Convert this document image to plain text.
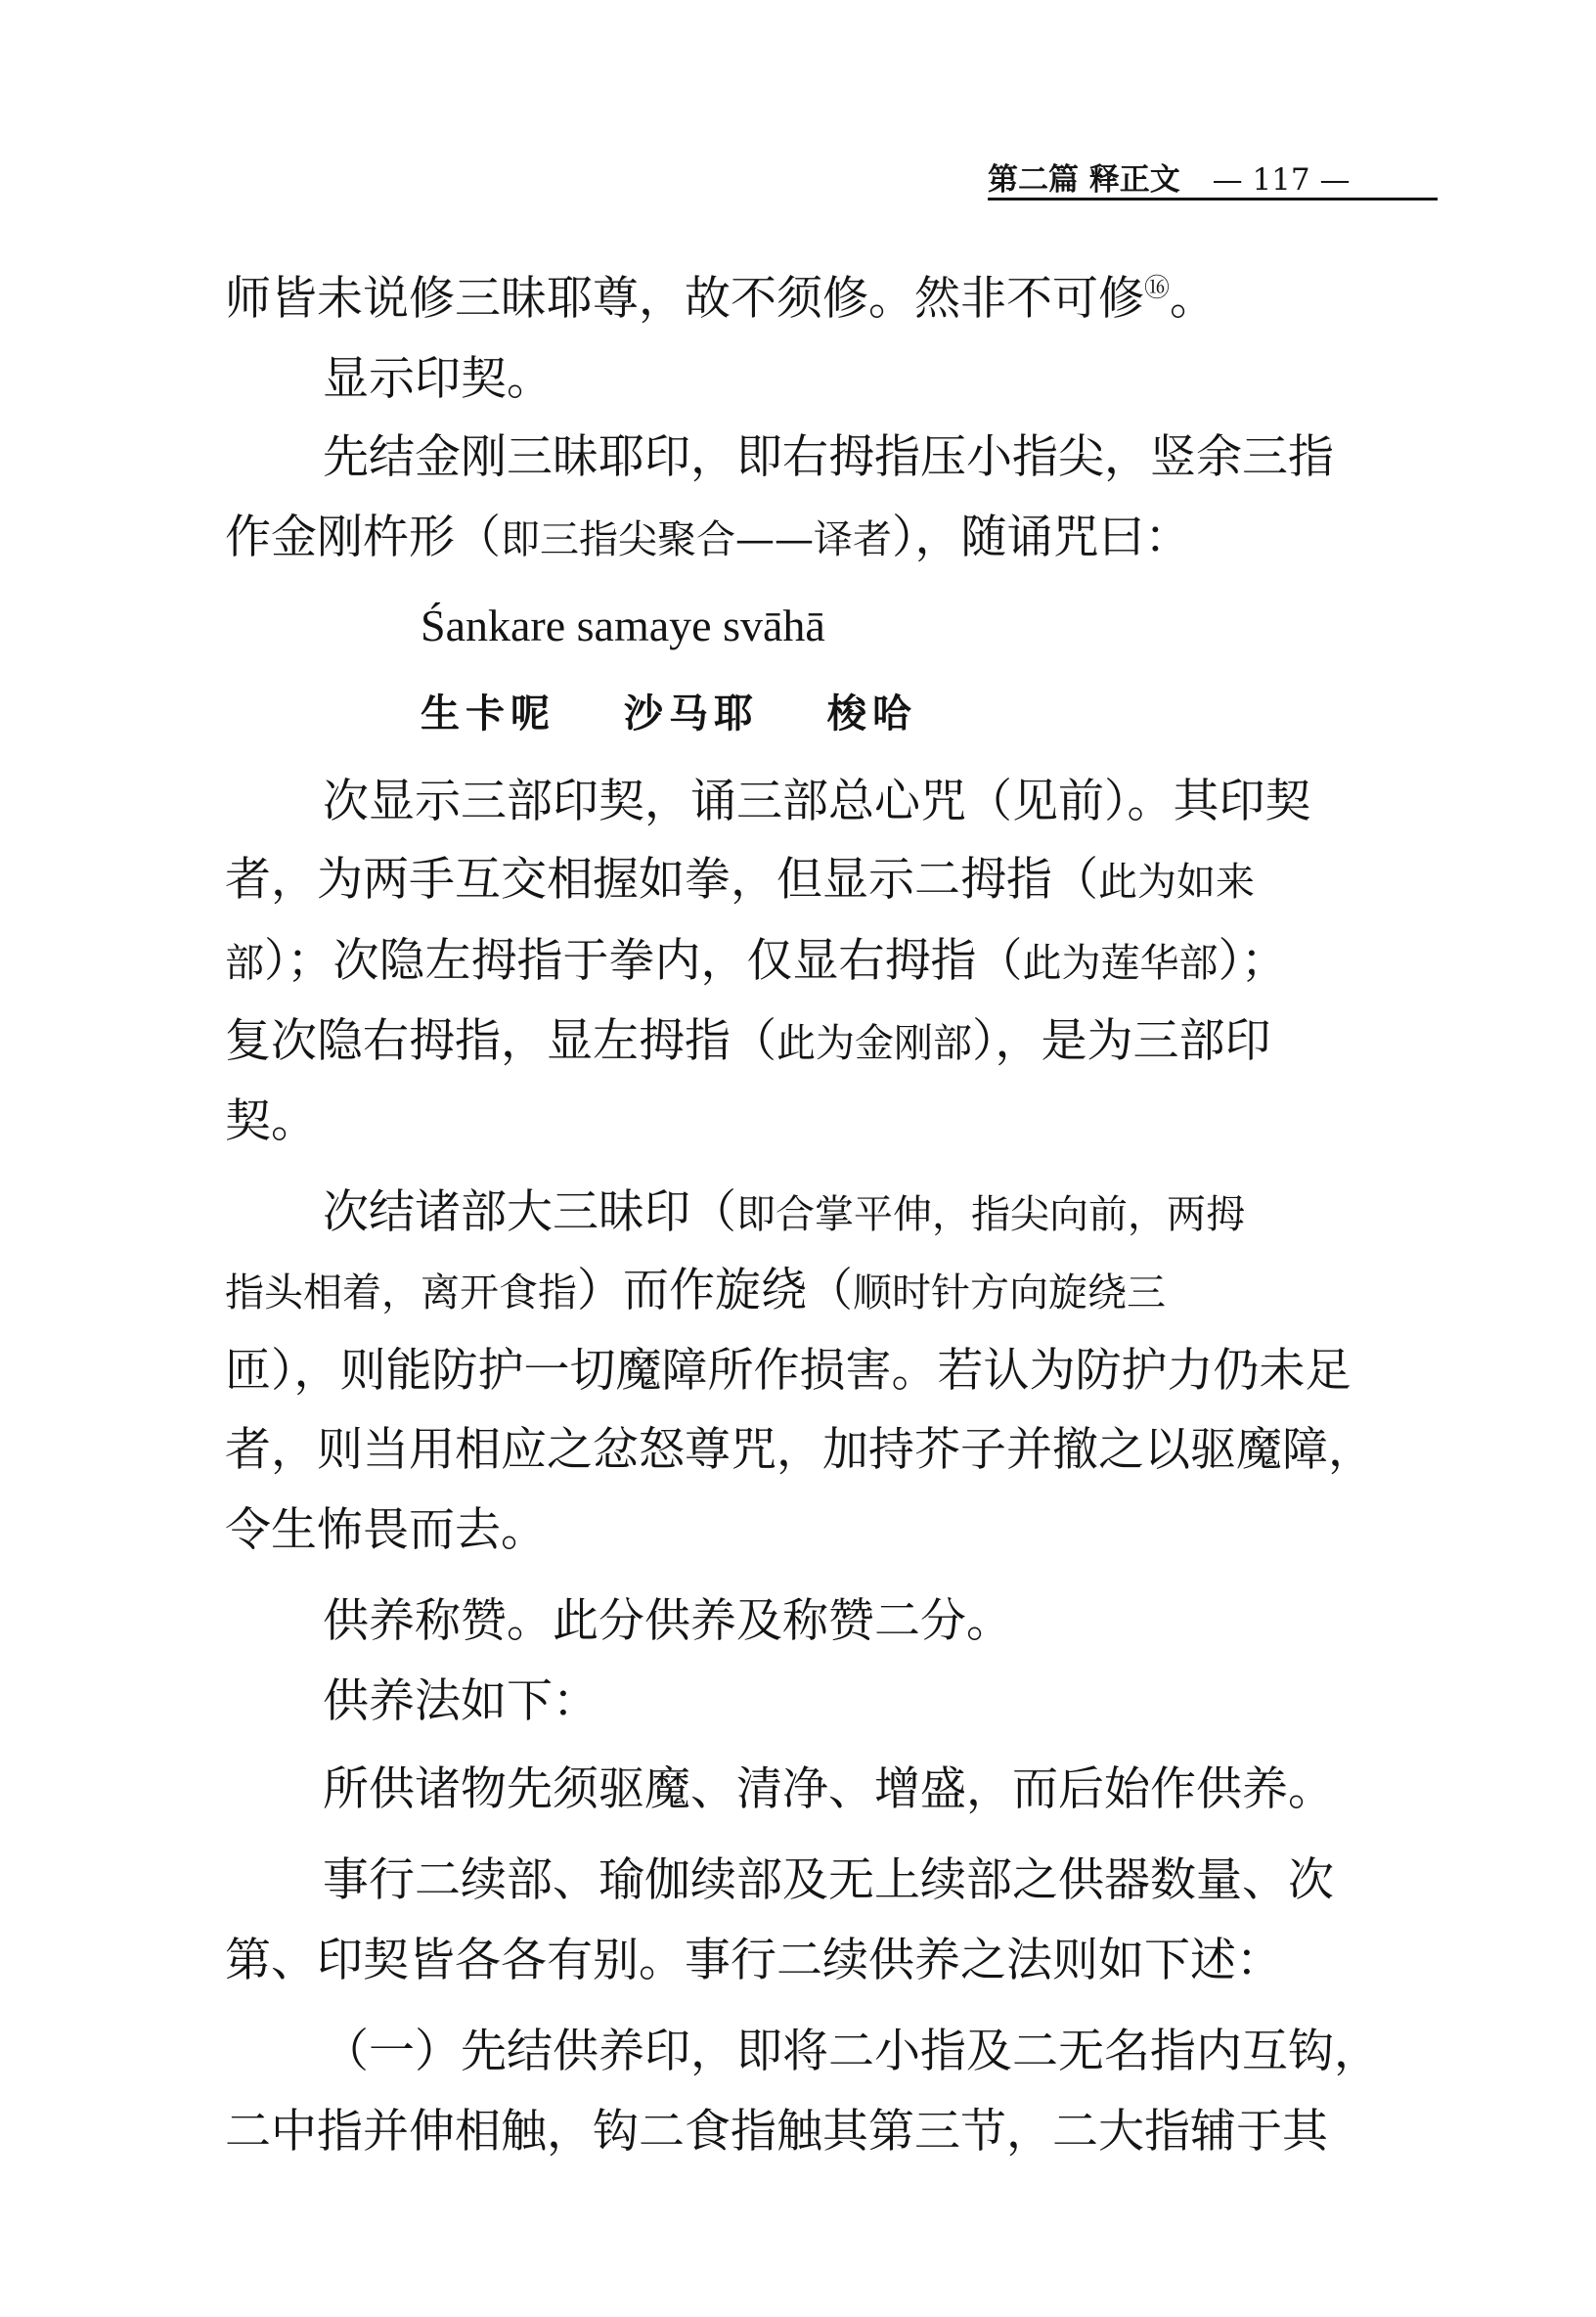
第二篇 释正文 — 117 —
师皆未说修三昧耶尊，故不须修。然非不可修⑯。
显示印契。
先结金刚三昧耶印，即右拇指压小指尖，竖余三指
作金刚杵形（即三指尖聚合——译者），随诵咒曰：
Śankare samaye svāhā
生卡呢 沙马耶 梭哈
次显示三部印契，诵三部总心咒（见前）。其印契
者，为两手互交相握如拳，但显示二拇指（此为如来
部）；次隐左拇指于拳内，仅显右拇指（此为莲华部）；
复次隐右拇指，显左拇指（此为金刚部），是为三部印
契。
次结诸部大三昧印（即合掌平伸，指尖向前，两拇
指头相着，离开食指）而作旋绕（顺时针方向旋绕三
匝），则能防护一切魔障所作损害。若认为防护力仍未足
者，则当用相应之忿怒尊咒，加持芥子并撤之以驱魔障，
令生怖畏而去。
供养称赞。此分供养及称赞二分。
供养法如下：
所供诸物先须驱魔、清净、增盛，而后始作供养。
事行二续部、瑜伽续部及无上续部之供器数量、次
第、印契皆各各有别。事行二续供养之法则如下述：
（一）先结供养印，即将二小指及二无名指内互钩，
二中指并伸相触，钩二食指触其第三节，二大指辅于其
